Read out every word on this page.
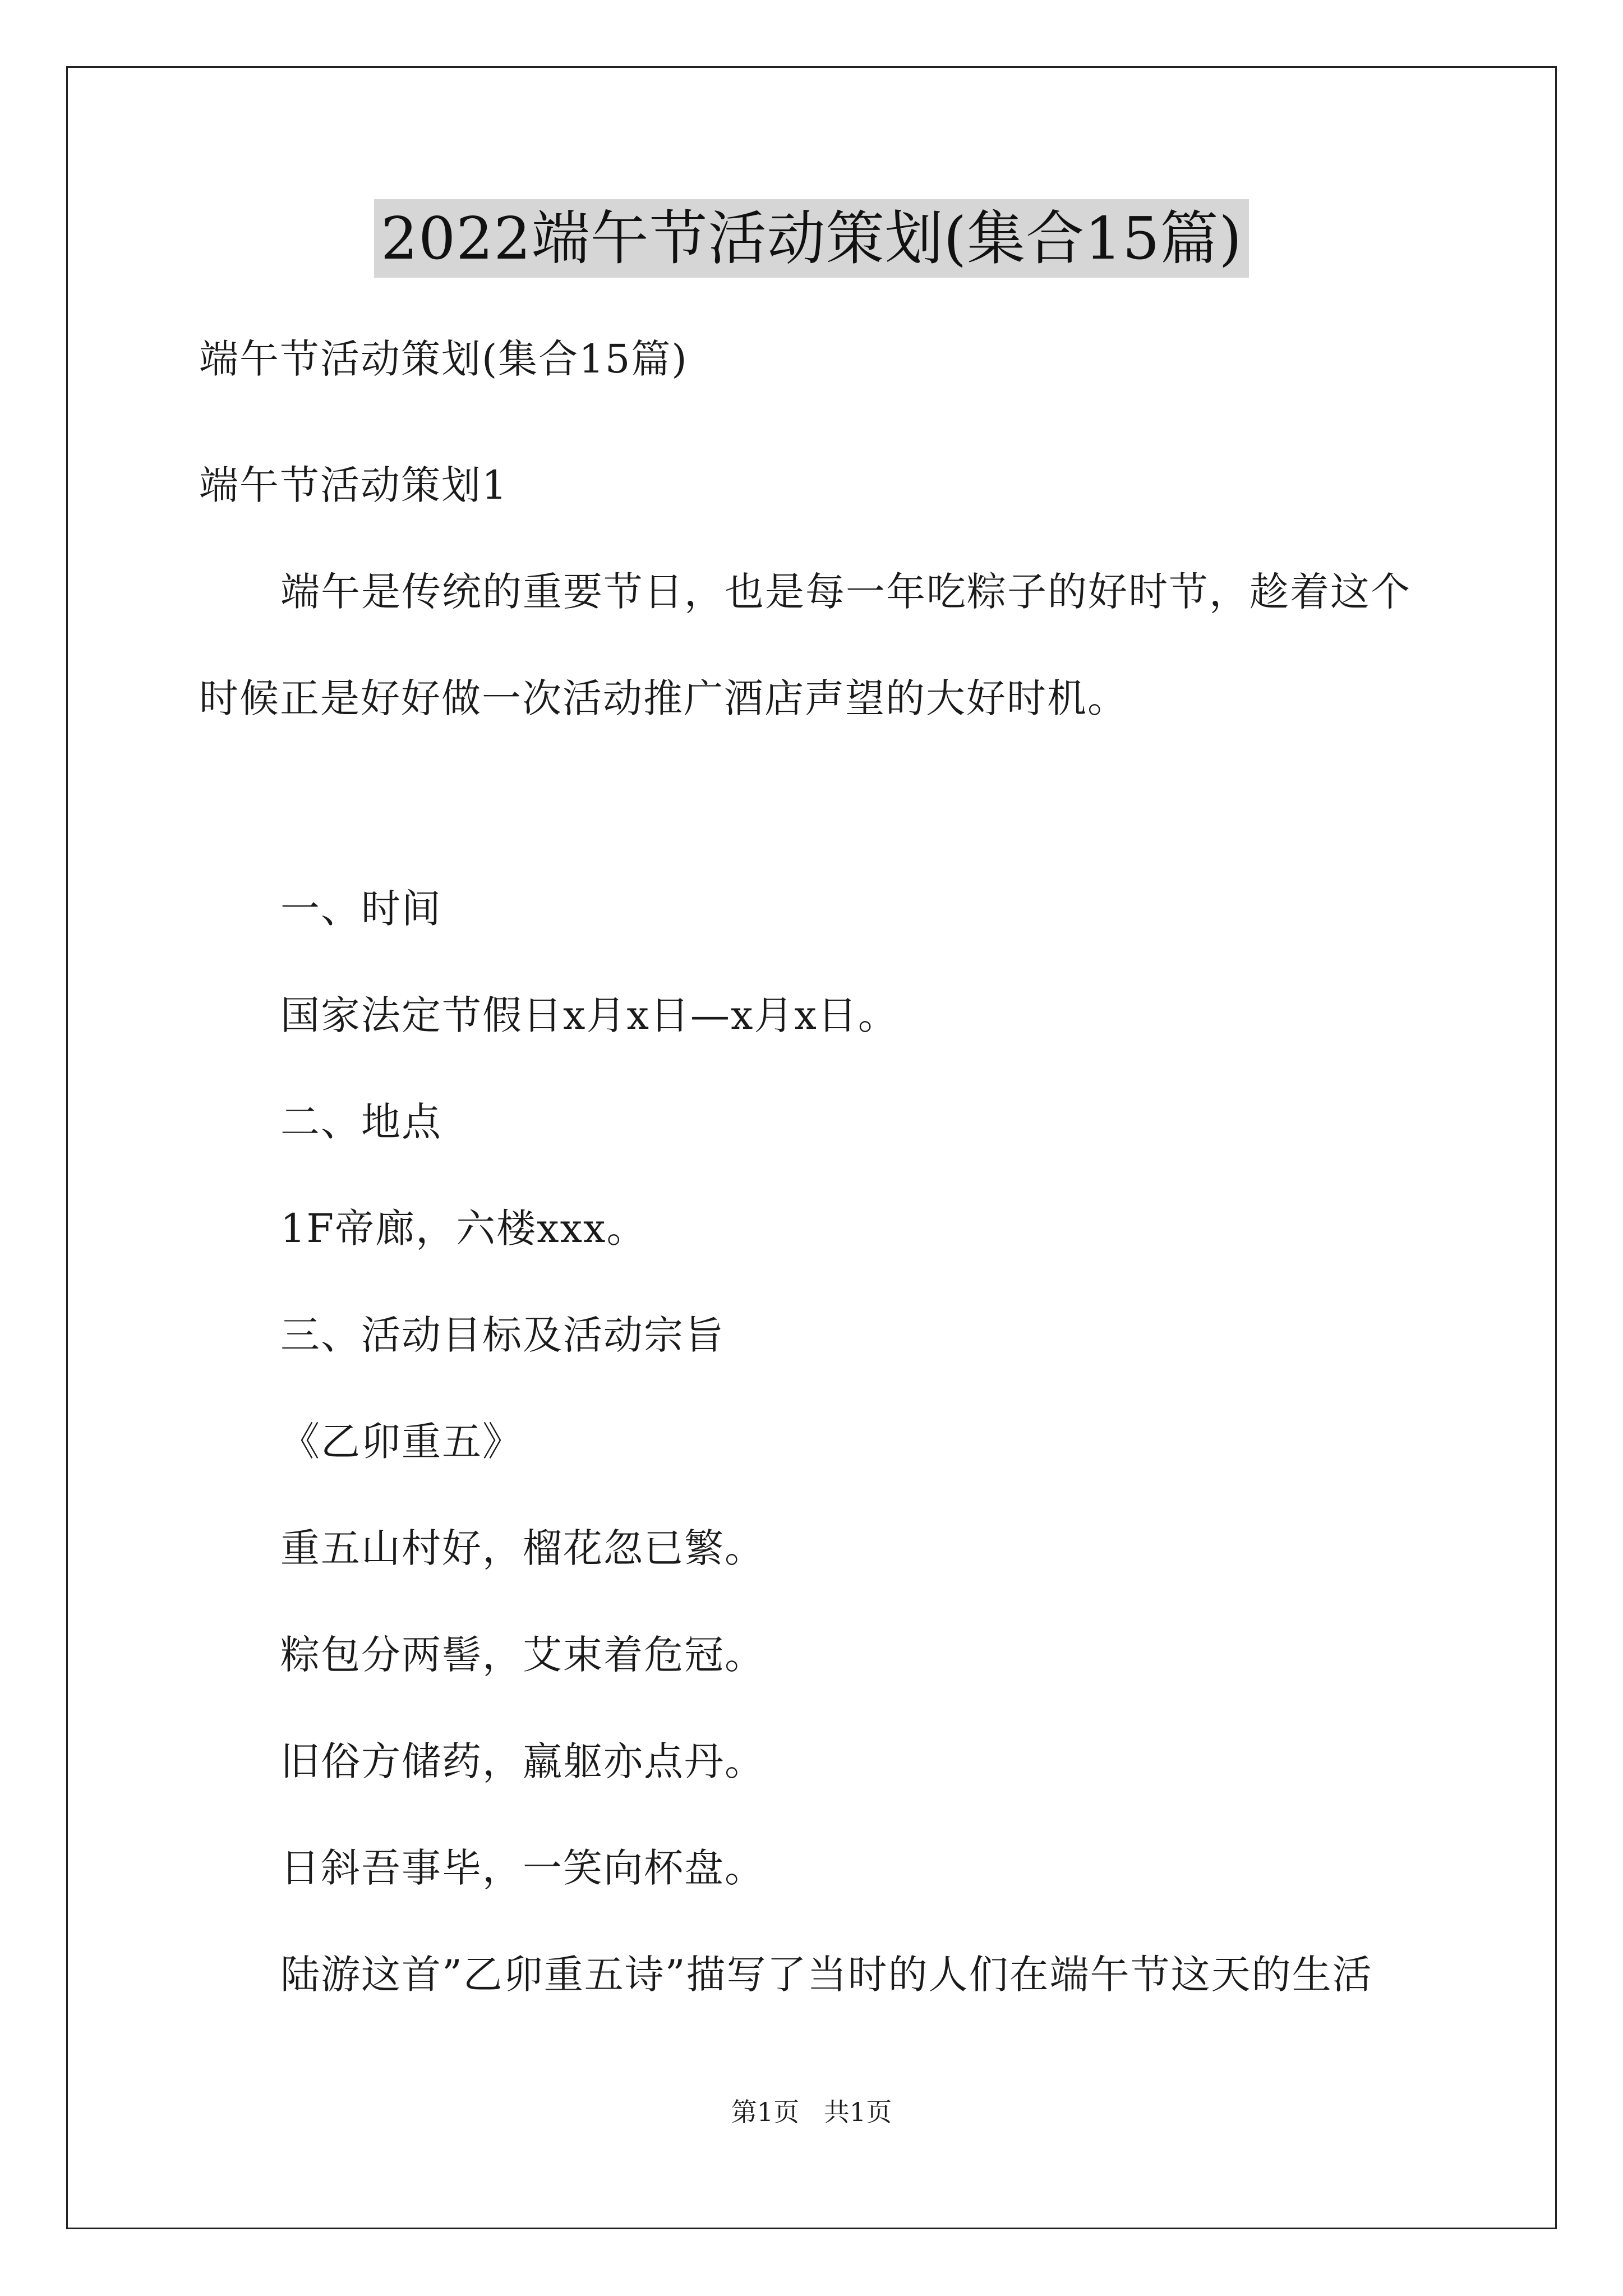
2022端午节活动策划(集合15篇)
端午节活动策划(集合15篇)
端午节活动策划1
端午是传统的重要节日，也是每一年吃粽子的好时节，趁着这个
时候正是好好做一次活动推广酒店声望的大好时机。
一、时间
国家法定节假日x月x日—x月x日。
二、地点
1F帝廊，六楼xxx。
三、活动目标及活动宗旨
《乙卯重五》
重五山村好，榴花忽已繁。
粽包分两髻，艾束着危冠。
旧俗方储药，羸躯亦点丹。
日斜吾事毕，一笑向杯盘。
陆游这首”乙卯重五诗”描写了当时的人们在端午节这天的生活
第1页   共1页
